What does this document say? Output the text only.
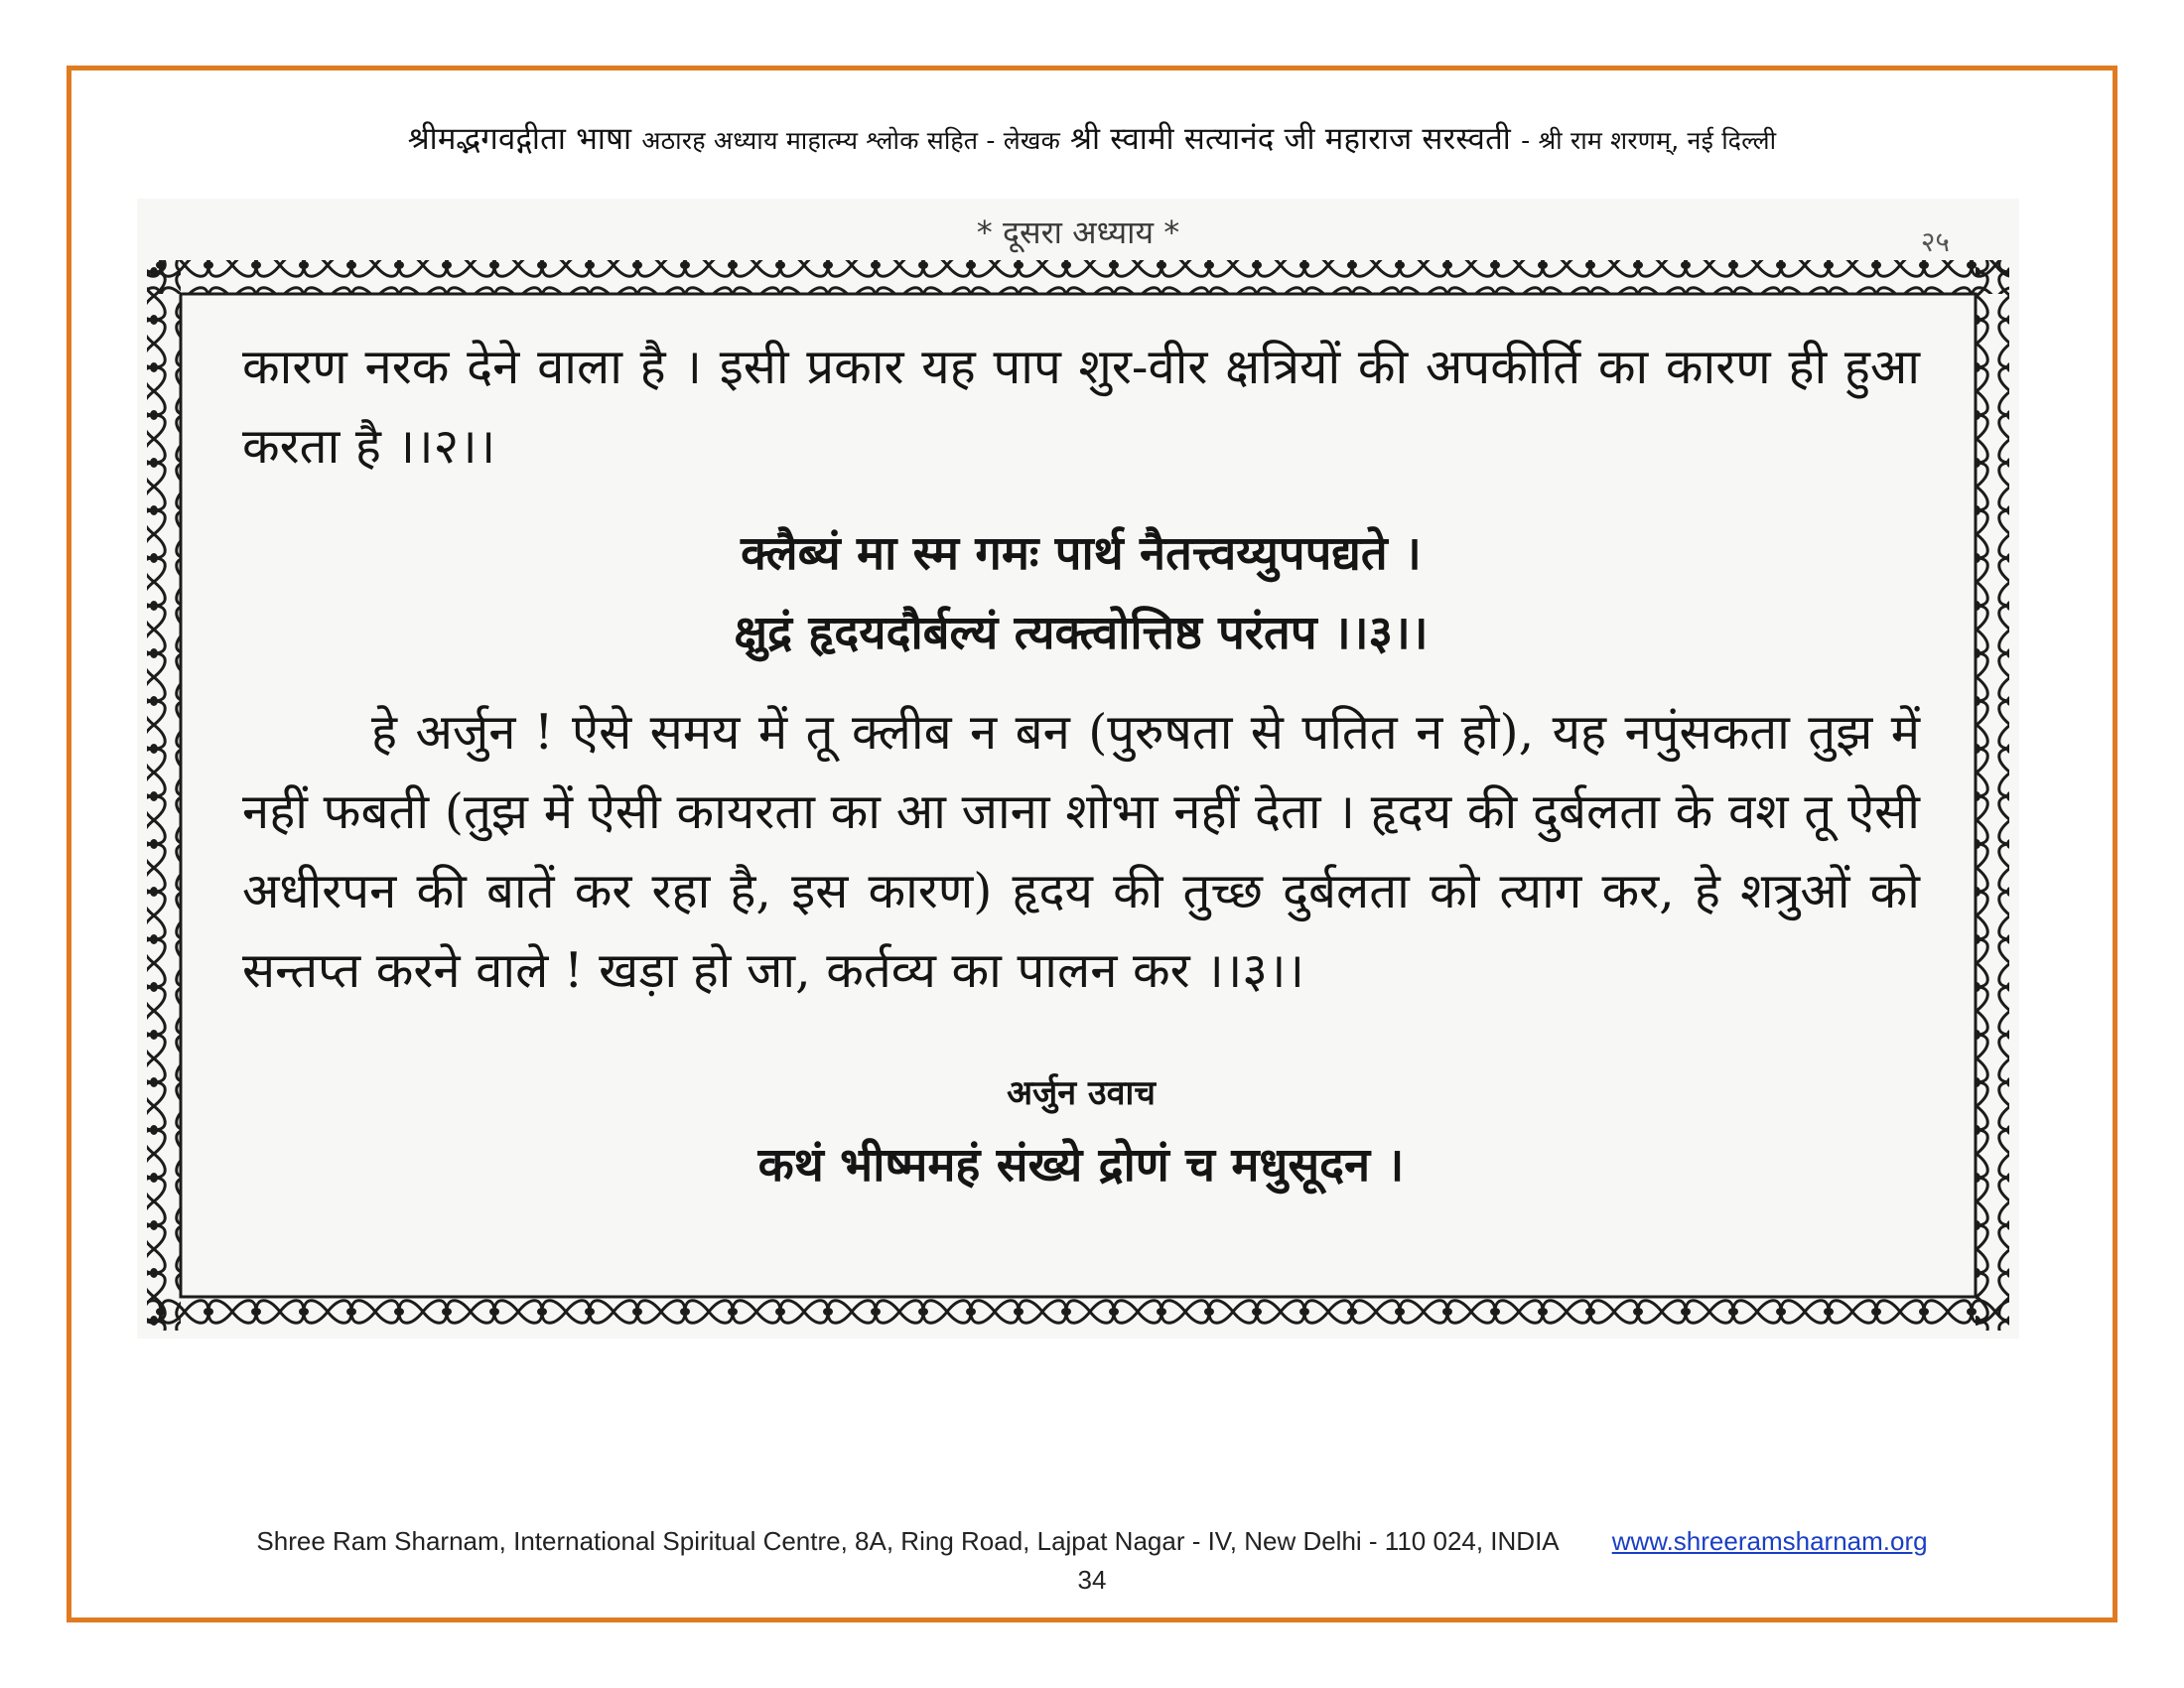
श्रीमद्भगवद्गीता भाषा अठारह अध्याय माहात्म्य श्लोक सहित - लेखक श्री स्वामी सत्यानंद जी महाराज सरस्वती - श्री राम शरणम्, नई दिल्ली
* दूसरा अध्याय *	२५

कारण नरक देने वाला है । इसी प्रकार यह पाप शुर-वीर क्षत्रियों की अपकीर्ति का कारण ही हुआ करता है ।।२।।

क्लैब्यं मा स्म गमः पार्थ नैतत्त्वय्युपपद्यते ।

क्षुद्रं हृदयदौर्बल्यं त्यक्त्वोत्तिष्ठ परंतप ।।३।।

हे अर्जुन ! ऐसे समय में तू क्लीब न बन (पुरुषता से पतित न हो), यह नपुंसकता तुझ में नहीं फबती (तुझ में ऐसी कायरता का आ जाना शोभा नहीं देता । हृदय की दुर्बलता के वश तू ऐसी अधीरपन की बातें कर रहा है, इस कारण) हृदय की तुच्छ दुर्बलता को त्याग कर, हे शत्रुओं को सन्तप्त करने वाले ! खड़ा हो जा, कर्तव्य का पालन कर ।।३।।

अर्जुन उवाच

कथं भीष्ममहं संख्ये द्रोणं च मधुसूदन ।

Shree Ram Sharnam, International Spiritual Centre, 8A, Ring Road, Lajpat Nagar - IV, New Delhi - 110 024, INDIA www.shreeramsharnam.org
34
